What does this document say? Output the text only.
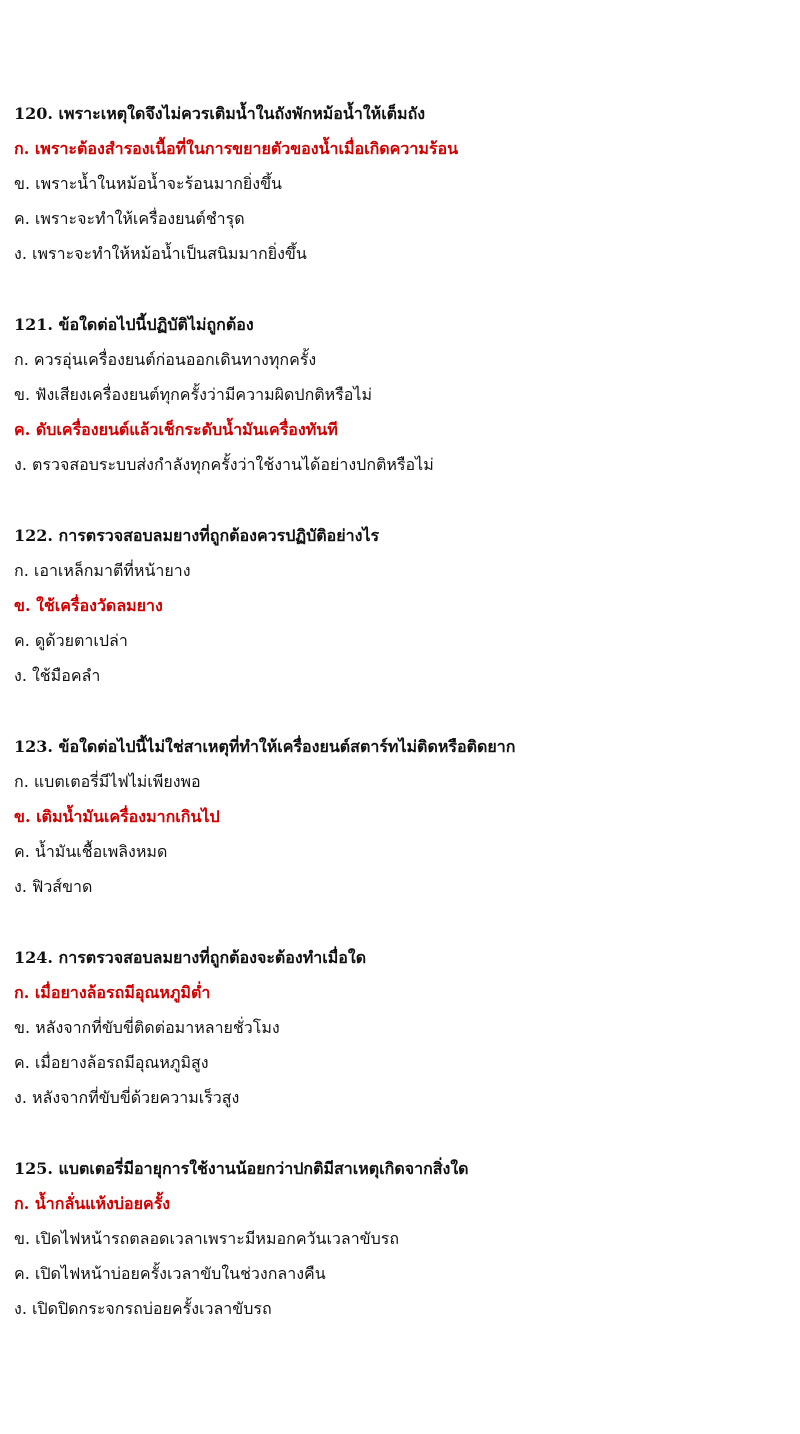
120. เพราะเหตุใดจึงไม่ควรเติมน้ำในถังพักหม้อน้ำให้เต็มถัง
ก. เพราะต้องสำรองเนื้อที่ในการขยายตัวของน้ำเมื่อเกิดความร้อน
ข. เพราะน้ำในหม้อน้ำจะร้อนมากยิ่งขึ้น
ค. เพราะจะทำให้เครื่องยนต์ชำรุด
ง. เพราะจะทำให้หม้อน้ำเป็นสนิมมากยิ่งขึ้น
121. ข้อใดต่อไปนี้ปฏิบัติไม่ถูกต้อง
ก. ควรอุ่นเครื่องยนต์ก่อนออกเดินทางทุกครั้ง
ข. ฟังเสียงเครื่องยนต์ทุกครั้งว่ามีความผิดปกติหรือไม่
ค. ดับเครื่องยนต์แล้วเช็กระดับน้ำมันเครื่องทันที
ง. ตรวจสอบระบบส่งกำลังทุกครั้งว่าใช้งานได้อย่างปกติหรือไม่
122. การตรวจสอบลมยางที่ถูกต้องควรปฏิบัติอย่างไร
ก. เอาเหล็กมาตีที่หน้ายาง
ข. ใช้เครื่องวัดลมยาง
ค. ดูด้วยตาเปล่า
ง. ใช้มือคลำ
123. ข้อใดต่อไปนี้ไม่ใช่สาเหตุที่ทำให้เครื่องยนต์สตาร์ทไม่ติดหรือติดยาก
ก. แบตเตอรี่มีไฟไม่เพียงพอ
ข. เติมน้ำมันเครื่องมากเกินไป
ค. น้ำมันเชื้อเพลิงหมด
ง. ฟิวส์ขาด
124. การตรวจสอบลมยางที่ถูกต้องจะต้องทำเมื่อใด
ก. เมื่อยางล้อรถมีอุณหภูมิต่ำ
ข. หลังจากที่ขับขี่ติดต่อมาหลายชั่วโมง
ค. เมื่อยางล้อรถมีอุณหภูมิสูง
ง. หลังจากที่ขับขี่ด้วยความเร็วสูง
125. แบตเตอรี่มีอายุการใช้งานน้อยกว่าปกติมีสาเหตุเกิดจากสิ่งใด
ก. น้ำกลั่นแห้งบ่อยครั้ง
ข. เปิดไฟหน้ารถตลอดเวลาเพราะมีหมอกควันเวลาขับรถ
ค. เปิดไฟหน้าบ่อยครั้งเวลาขับในช่วงกลางคืน
ง. เปิดปิดกระจกรถบ่อยครั้งเวลาขับรถ
